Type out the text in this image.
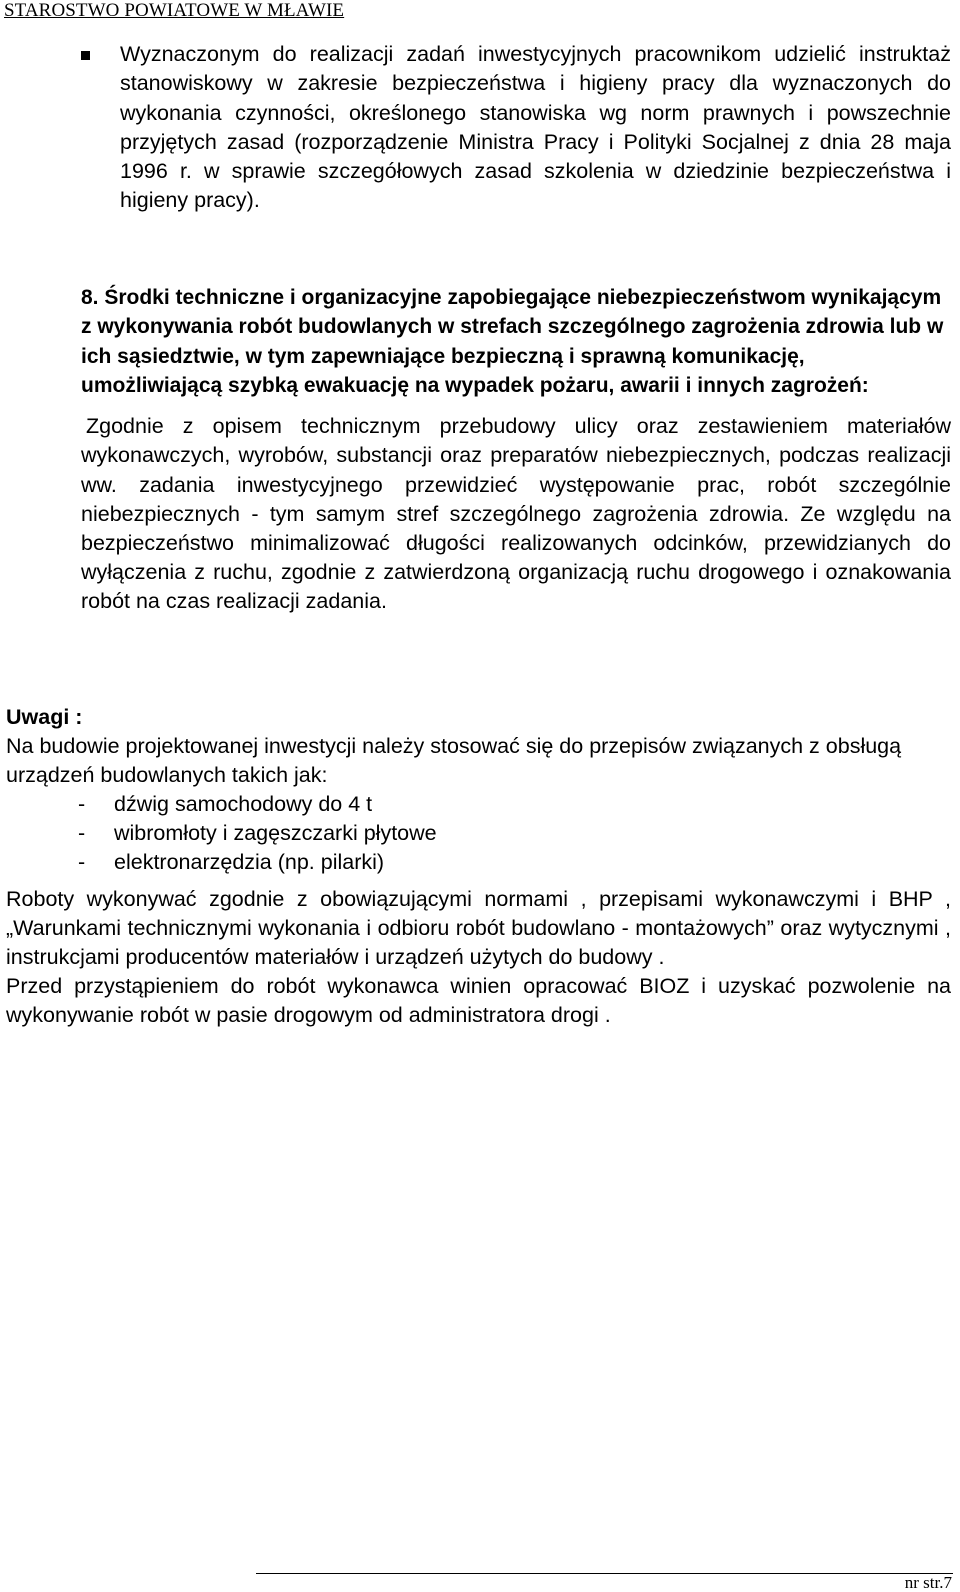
STAROSTWO POWIATOWE W MŁAWIE
Wyznaczonym do realizacji zadań inwestycyjnych pracownikom udzielić instruktaż stanowiskowy w zakresie bezpieczeństwa i higieny pracy dla wyznaczonych do wykonania czynności, określonego stanowiska wg norm prawnych i powszechnie przyjętych zasad (rozporządzenie Ministra Pracy i Polityki Socjalnej z dnia 28 maja 1996 r. w sprawie szczegółowych zasad szkolenia w dziedzinie bezpieczeństwa i higieny pracy).

8. Środki techniczne i organizacyjne zapobiegające niebezpieczeństwom wynikającym z wykonywania robót budowlanych w strefach szczególnego zagrożenia zdrowia lub w ich sąsiedztwie, w tym zapewniające bezpieczną i sprawną komunikację, umożliwiającą szybką ewakuację na wypadek pożaru, awarii i innych zagrożeń:

Zgodnie z opisem technicznym przebudowy ulicy oraz zestawieniem materiałów wykonawczych, wyrobów, substancji oraz preparatów niebezpiecznych, podczas realizacji ww. zadania inwestycyjnego przewidzieć występowanie prac, robót szczególnie niebezpiecznych - tym samym stref szczególnego zagrożenia zdrowia. Ze względu na bezpieczeństwo minimalizować długości realizowanych odcinków, przewidzianych do wyłączenia z ruchu, zgodnie z zatwierdzoną organizacją ruchu drogowego i oznakowania robót na czas realizacji zadania.

Uwagi :

Na budowie projektowanej inwestycji należy stosować się do przepisów związanych z obsługą urządzeń budowlanych takich jak:

- dźwig samochodowy do 4 t
- wibromłoty i zagęszczarki płytowe
- elektronarzędzia (np. pilarki)

Roboty wykonywać zgodnie z obowiązującymi normami , przepisami wykonawczymi i BHP , „Warunkami technicznymi wykonania i odbioru robót budowlano - montażowych” oraz wytycznymi , instrukcjami producentów materiałów i urządzeń użytych do budowy .

Przed przystąpieniem do robót wykonawca winien opracować BIOZ i uzyskać pozwolenie na wykonywanie robót w pasie drogowym od administratora drogi .

nr str.7
